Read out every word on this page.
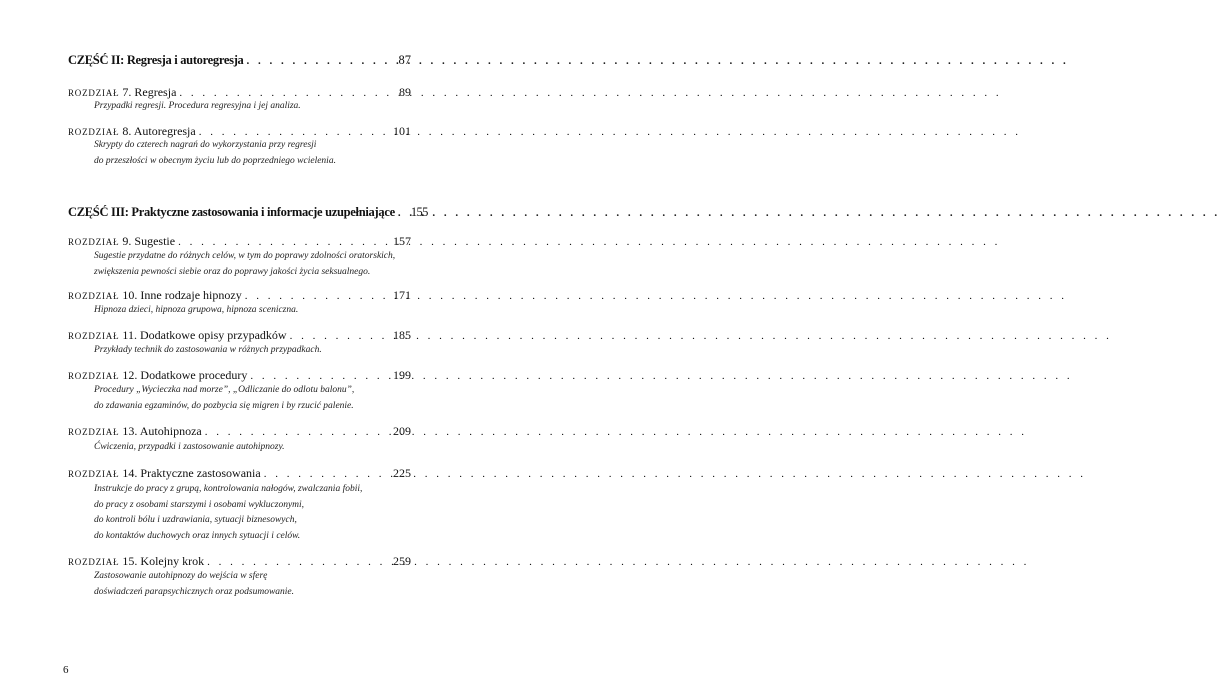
CZĘŚĆ II: Regresja i autoregresja . . .	87
ROZDZIAŁ 7. Regresja . . .	89
Przypadki regresji. Procedura regresyjna i jej analiza.
ROZDZIAŁ 8. Autoregresja . . .	101
Skrypty do czterech nagrań do wykorzystania przy regresji
do przeszłości w obecnym życiu lub do poprzedniego wcielenia.
CZĘŚĆ III: Praktyczne zastosowania i informacje uzupełniające . . . 155
ROZDZIAŁ 9. Sugestie . . .	157
Sugestie przydatne do różnych celów, w tym do poprawy zdolności oratorskich,
zwiększenia pewności siebie oraz do poprawy jakości życia seksualnego.
ROZDZIAŁ 10. Inne rodzaje hipnozy . . .	171
Hipnoza dzieci, hipnoza grupowa, hipnoza sceniczna.
ROZDZIAŁ 11. Dodatkowe opisy przypadków . . .	185
Przykłady technik do zastosowania w różnych przypadkach.
ROZDZIAŁ 12. Dodatkowe procedury . . .	199
Procedury „Wycieczka nad morze”, „Odliczanie do odlotu balonu”,
do zdawania egzaminów, do pozbycia się migren i by rzucić palenie.
ROZDZIAŁ 13. Autohipnoza . . .	209
Ćwiczenia, przypadki i zastosowanie autohipnozy.
ROZDZIAŁ 14. Praktyczne zastosowania . . .	225
Instrukcje do pracy z grupą, kontrolowania nałogów, zwalczania fobii,
do pracy z osobami starszymi i osobami wykluczonymi,
do kontroli bólu i uzdrawiania, sytuacji biznesowych,
do kontaktów duchowych oraz innych sytuacji i celów.
ROZDZIAŁ 15. Kolejny krok . . .	259
Zastosowanie autohipnozy do wejścia w sferę
doświadczeń parapsychicznych oraz podsumowanie.
6
